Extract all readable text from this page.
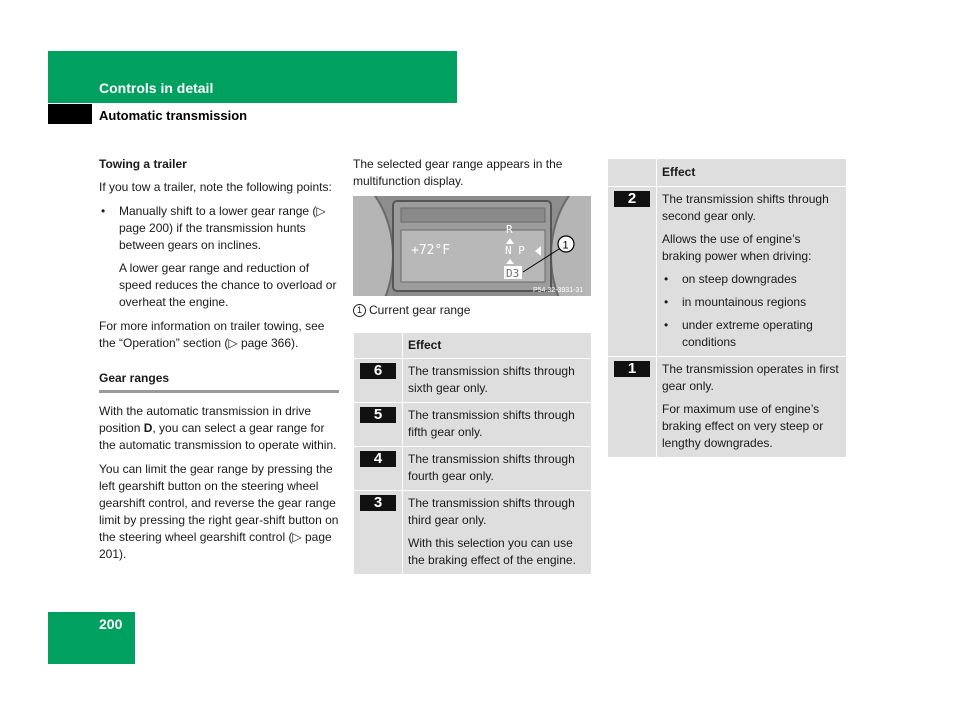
Controls in detail
Automatic transmission
Towing a trailer

If you tow a trailer, note the following points:

• Manually shift to a lower gear range (▷ page 200) if the transmission hunts between gears on inclines.

A lower gear range and reduction of speed reduces the chance to overload or overheat the engine.

For more information on trailer towing, see the “Operation” section (▷ page 366).

Gear ranges

With the automatic transmission in drive position D, you can select a gear range for the automatic transmission to operate within.

You can limit the gear range by pressing the left gearshift button on the steering wheel gearshift control, and reverse the gear range limit by pressing the right gear-shift button on the steering wheel gearshift control (▷ page 201).

The selected gear range appears in the multifunction display.

+72°F
R
N P
D3
1
P54.32-3931-31
1 Current gear range
	Effect

6	The transmission shifts through sixth gear only.

5	The transmission shifts through fifth gear only.

4	The transmission shifts through fourth gear only.

3	The transmission shifts through third gear only.

With this selection you can use the braking effect of the engine.

	Effect

2	The transmission shifts through second gear only.

Allows the use of engine’s braking power when driving:

• on steep downgrades
• in mountainous regions
• under extreme operating conditions

1	The transmission operates in first gear only.

For maximum use of engine’s braking effect on very steep or lengthy downgrades.

200
